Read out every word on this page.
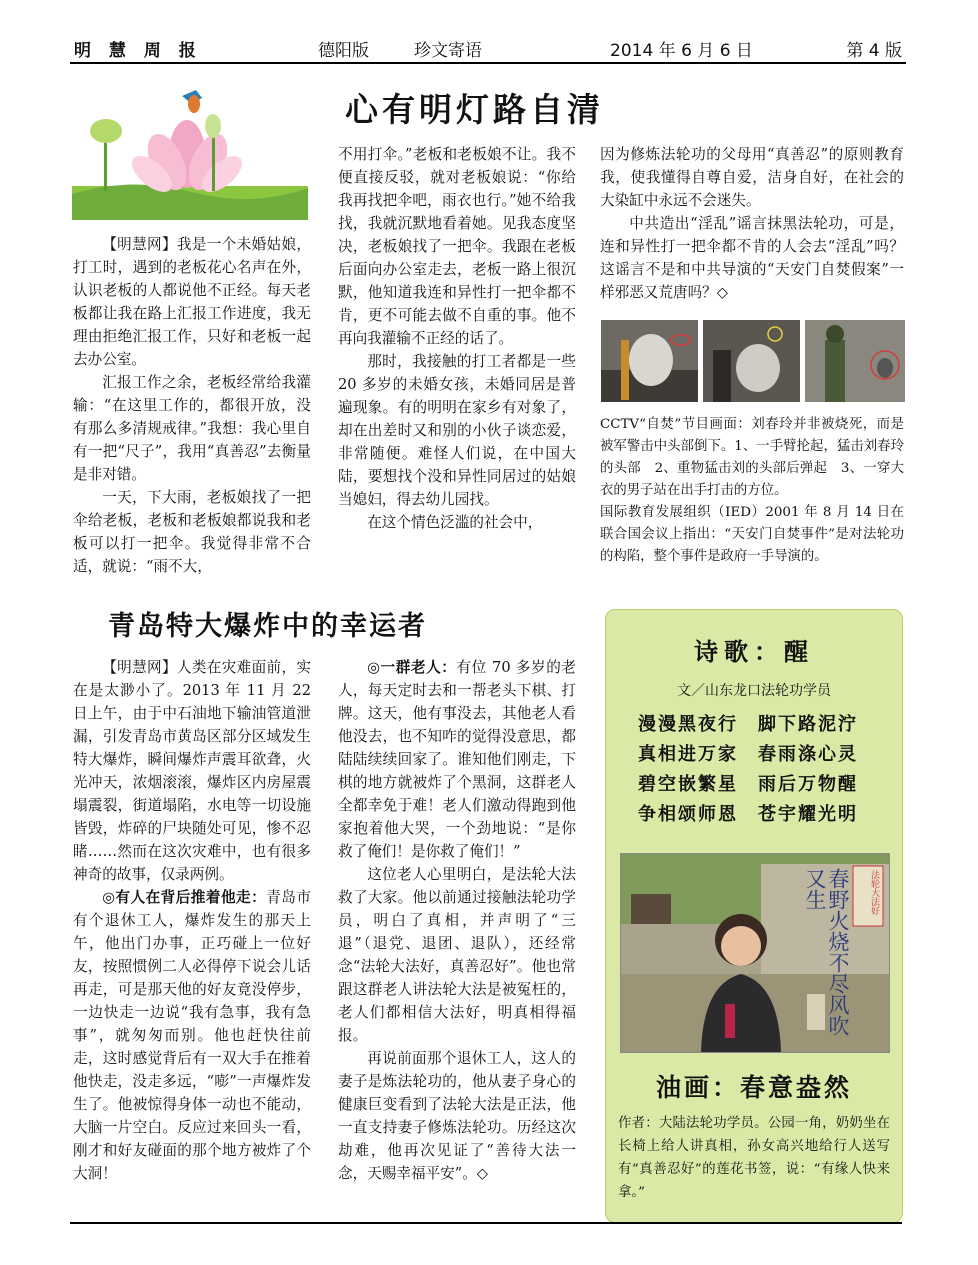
明 慧 周 报	德阳版	珍文寄语	2014 年 6 月 6 日	第 4 版
心有明灯路自清

【明慧网】我是一个未婚姑娘，打工时，遇到的老板花心名声在外，认识老板的人都说他不正经。每天老板都让我在路上汇报工作进度，我无理由拒绝汇报工作，只好和老板一起去办公室。

汇报工作之余，老板经常给我灌输：“在这里工作的，都很开放，没有那么多清规戒律。”我想：我心里自有一把“尺子”，我用“真善忍”去衡量是非对错。

一天，下大雨，老板娘找了一把伞给老板，老板和老板娘都说我和老板可以打一把伞。我觉得非常不合适，就说：“雨不大，

不用打伞。”老板和老板娘不让。我不便直接反驳，就对老板娘说：“你给我再找把伞吧，雨衣也行。”她不给我找，我就沉默地看着她。见我态度坚决，老板娘找了一把伞。我跟在老板后面向办公室走去，老板一路上很沉默，他知道我连和异性打一把伞都不肯，更不可能去做不自重的事。他不再向我灌输不正经的话了。

那时，我接触的打工者都是一些 20 多岁的未婚女孩，未婚同居是普遍现象。有的明明在家乡有对象了，却在出差时又和别的小伙子谈恋爱，非常随便。难怪人们说，在中国大陆，要想找个没和异性同居过的姑娘当媳妇，得去幼儿园找。

在这个情色泛滥的社会中，

因为修炼法轮功的父母用“真善忍”的原则教育我，使我懂得自尊自爱，洁身自好，在社会的大染缸中永远不会迷失。

中共造出“淫乱”谣言抹黑法轮功，可是，连和异性打一把伞都不肯的人会去“淫乱”吗？这谣言不是和中共导演的“天安门自焚假案”一样邪恶又荒唐吗？◇

CCTV“自焚”节目画面：刘春玲并非被烧死，而是被军警击中头部倒下。1、一手臂抡起，猛击刘春玲的头部　2、重物猛击刘的头部后弹起　3、一穿大衣的男子站在出手打击的方位。
国际教育发展组织（IED）2001 年 8 月 14 日在联合国会议上指出：“天安门自焚事件”是对法轮功的构陷，整个事件是政府一手导演的。
青岛特大爆炸中的幸运者

【明慧网】人类在灾难面前，实在是太渺小了。2013 年 11 月 22 日上午，由于中石油地下输油管道泄漏，引发青岛市黄岛区部分区域发生特大爆炸，瞬间爆炸声震耳欲聋，火光冲天，浓烟滚滚，爆炸区内房屋震塌震裂，街道塌陷，水电等一切设施皆毁，炸碎的尸块随处可见，惨不忍睹……然而在这次灾难中，也有很多神奇的故事，仅录两例。

◎有人在背后推着他走：青岛市有个退休工人，爆炸发生的那天上午，他出门办事，正巧碰上一位好友，按照惯例二人必得停下说会儿话再走，可是那天他的好友竟没停步，一边快走一边说“我有急事，我有急事”，就匆匆而别。他也赶快往前走，这时感觉背后有一双大手在推着他快走，没走多远，“嘭”一声爆炸发生了。他被惊得身体一动也不能动，大脑一片空白。反应过来回头一看，刚才和好友碰面的那个地方被炸了个大洞！

◎一群老人：有位 70 多岁的老人，每天定时去和一帮老头下棋、打牌。这天，他有事没去，其他老人看他没去，也不知咋的觉得没意思，都陆陆续续回家了。谁知他们刚走，下棋的地方就被炸了个黑洞，这群老人全都幸免于难！老人们激动得跑到他家抱着他大哭，一个劲地说：“是你救了俺们！是你救了俺们！”

这位老人心里明白，是法轮大法救了大家。他以前通过接触法轮功学员，明白了真相，并声明了“三退”（退党、退团、退队），还经常念“法轮大法好，真善忍好”。他也常跟这群老人讲法轮大法是被冤枉的，老人们都相信大法好，明真相得福报。

再说前面那个退休工人，这人的妻子是炼法轮功的，他从妻子身心的健康巨变看到了法轮大法是正法，他一直支持妻子修炼法轮功。历经这次劫难，他再次见证了“善待大法一念，天赐幸福平安”。◇

诗歌：醒
文／山东龙口法轮功学员
漫漫黑夜行　脚下路泥泞
真相进万家　春雨涤心灵
碧空嵌繁星　雨后万物醒
争相颂师恩　苍宇耀光明
春野火烧不尽风吹又生	法轮大法好
油画：春意盎然
作者：大陆法轮功学员。公园一角，奶奶坐在长椅上给人讲真相，孙女高兴地给行人送写有“真善忍好”的莲花书签，说：“有缘人快来拿。”
